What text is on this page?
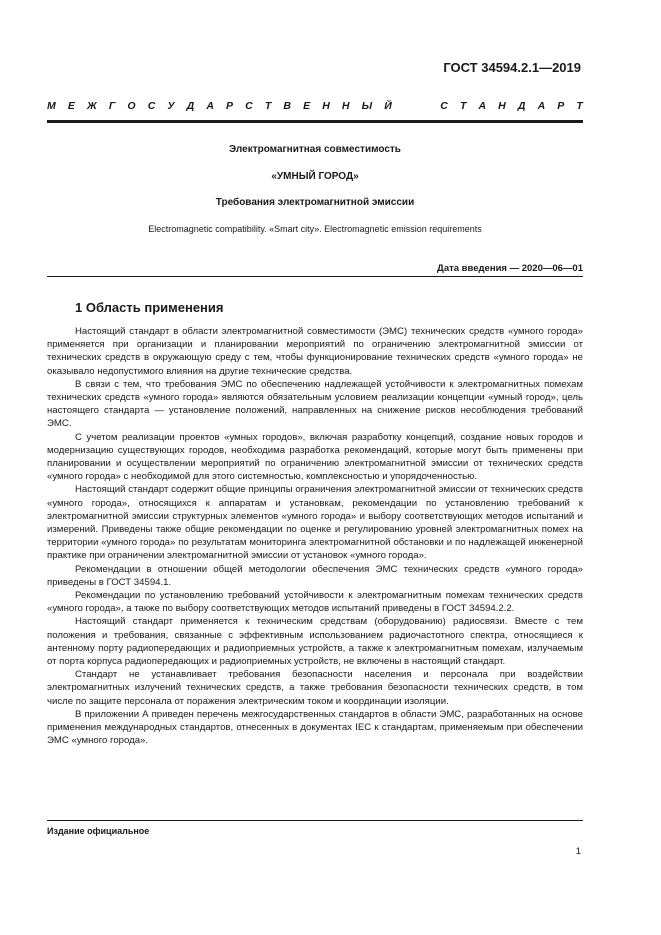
ГОСТ 34594.2.1—2019
М Е Ж Г О С У Д А Р С Т В Е Н Н Ы Й	С Т А Н Д А Р Т
Электромагнитная совместимость
«УМНЫЙ ГОРОД»
Требования электромагнитной эмиссии
Electromagnetic compatibility. «Smart city». Electromagnetic emission requirements
Дата введения — 2020—06—01
1 Область применения

Настоящий стандарт в области электромагнитной совместимости (ЭМС) технических средств «умного города» применяется при организации и планировании мероприятий по ограничению электромагнитной эмиссии от технических средств в окружающую среду с тем, чтобы функционирование технических средств «умного города» не оказывало недопустимого влияния на другие технические средства.

В связи с тем, что требования ЭМС по обеспечению надлежащей устойчивости к электромагнитных помехам технических средств «умного города» являются обязательным условием реализации концепции «умный город», цель настоящего стандарта — установление положений, направленных на снижение рисков несоблюдения требований ЭМС.

С учетом реализации проектов «умных городов», включая разработку концепций, создание новых городов и модернизацию существующих городов, необходима разработка рекомендаций, которые могут быть применены при планировании и осуществлении мероприятий по ограничению электромагнитной эмиссии от технических средств «умного города» с необходимой для этого системностью, комплексностью и упорядоченностью.

Настоящий стандарт содержит общие принципы ограничения электромагнитной эмиссии от технических средств «умного города», относящихся к аппаратам и установкам, рекомендации по установлению требований к электромагнитной эмиссии структурных элементов «умного города» и выбору соответствующих методов испытаний и измерений. Приведены также общие рекомендации по оценке и регулированию уровней электромагнитных помех на территории «умного города» по результатам мониторинга электромагнитной обстановки и по надлежащей инженерной практике при ограничении электромагнитной эмиссии от установок «умного города».

Рекомендации в отношении общей методологии обеспечения ЭМС технических средств «умного города» приведены в ГОСТ 34594.1.

Рекомендации по установлению требований устойчивости к электромагнитным помехам технических средств «умного города», а также по выбору соответствующих методов испытаний приведены в ГОСТ 34594.2.2.

Настоящий стандарт применяется к техническим средствам (оборудованию) радиосвязи. Вместе с тем положения и требования, связанные с эффективным использованием радиочастотного спектра, относящиеся к антенному порту радиопередающих и радиоприемных устройств, а также к электромагнитным помехам, излучаемым от порта корпуса радиопередающих и радиоприемных устройств, не включены в настоящий стандарт.

Стандарт не устанавливает требования безопасности населения и персонала при воздействии электромагнитных излучений технических средств, а также требования безопасности технических средств, в том числе по защите персонала от поражения электрическим током и координации изоляции.

В приложении А приведен перечень межгосударственных стандартов в области ЭМС, разработанных на основе применения международных стандартов, отнесенных в документах IEC к стандартам, применяемым при обеспечении ЭМС «умного города».

Издание официальное
1
